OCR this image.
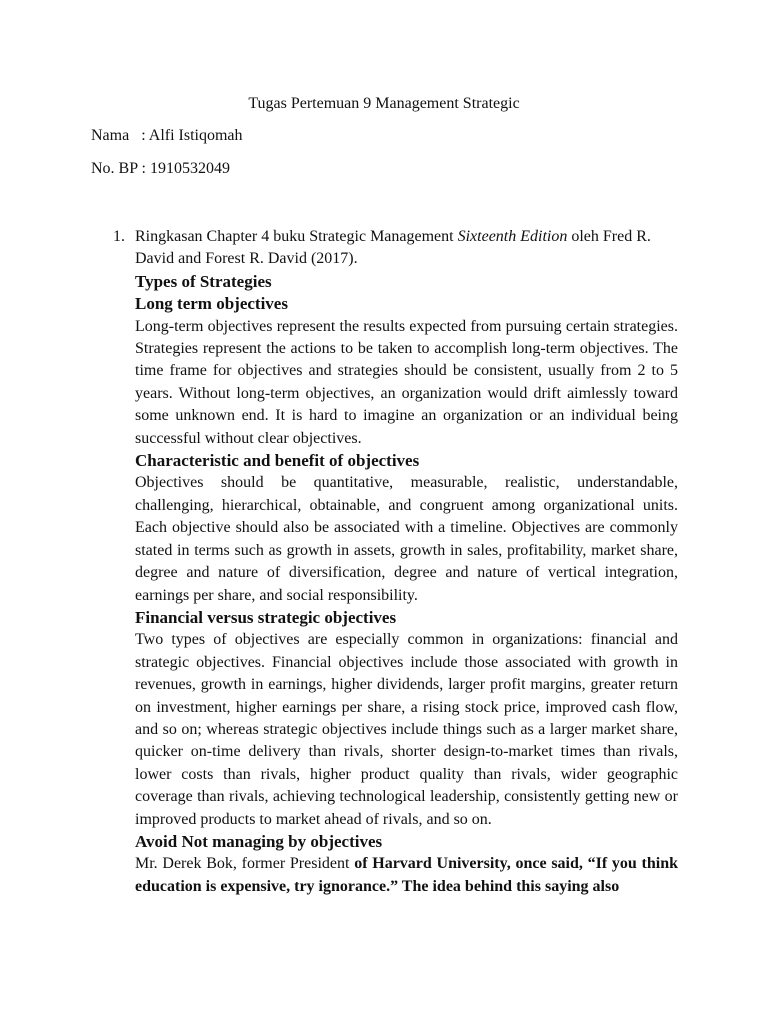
Tugas Pertemuan 9 Management Strategic
Nama   : Alfi Istiqomah
No. BP : 1910532049
1. Ringkasan Chapter 4 buku Strategic Management Sixteenth Edition oleh Fred R. David and Forest R. David (2017).

Types of Strategies
Long term objectives

Long-term objectives represent the results expected from pursuing certain strategies. Strategies represent the actions to be taken to accomplish long-term objectives. The time frame for objectives and strategies should be consistent, usually from 2 to 5 years. Without long-term objectives, an organization would drift aimlessly toward some unknown end. It is hard to imagine an organization or an individual being successful without clear objectives.

Characteristic and benefit of objectives

Objectives should be quantitative, measurable, realistic, understandable, challenging, hierarchical, obtainable, and congruent among organizational units. Each objective should also be associated with a timeline. Objectives are commonly stated in terms such as growth in assets, growth in sales, profitability, market share, degree and nature of diversification, degree and nature of vertical integration, earnings per share, and social responsibility.

Financial versus strategic objectives

Two types of objectives are especially common in organizations: financial and strategic objectives. Financial objectives include those associated with growth in revenues, growth in earnings, higher dividends, larger profit margins, greater return on investment, higher earnings per share, a rising stock price, improved cash flow, and so on; whereas strategic objectives include things such as a larger market share, quicker on-time delivery than rivals, shorter design-to-market times than rivals, lower costs than rivals, higher product quality than rivals, wider geographic coverage than rivals, achieving technological leadership, consistently getting new or improved products to market ahead of rivals, and so on.

Avoid Not managing by objectives

Mr. Derek Bok, former President of Harvard University, once said, “If you think education is expensive, try ignorance.” The idea behind this saying also
